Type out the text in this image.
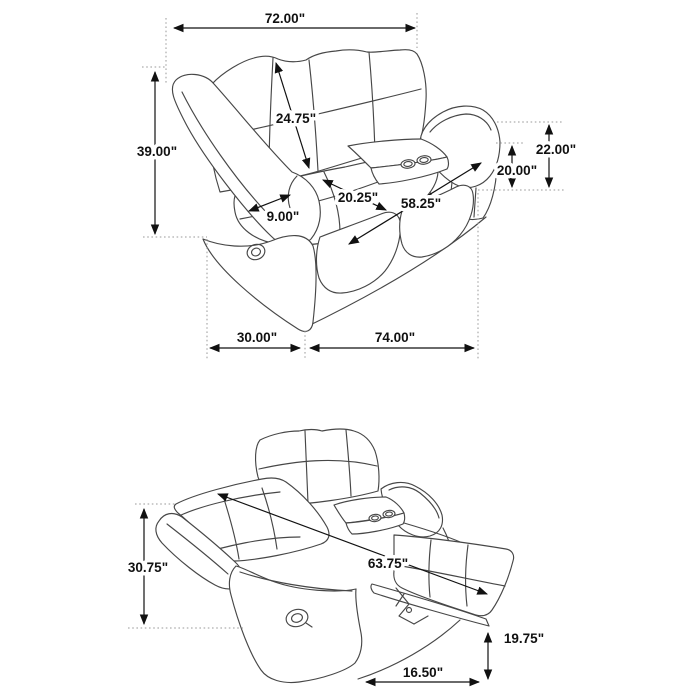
72.00"
39.00"
24.75"
22.00"
20.00"
20.25" 58.25"
9.00"
30.00"	74.00"
30.75"	63.75"
19.75"
16.50"
